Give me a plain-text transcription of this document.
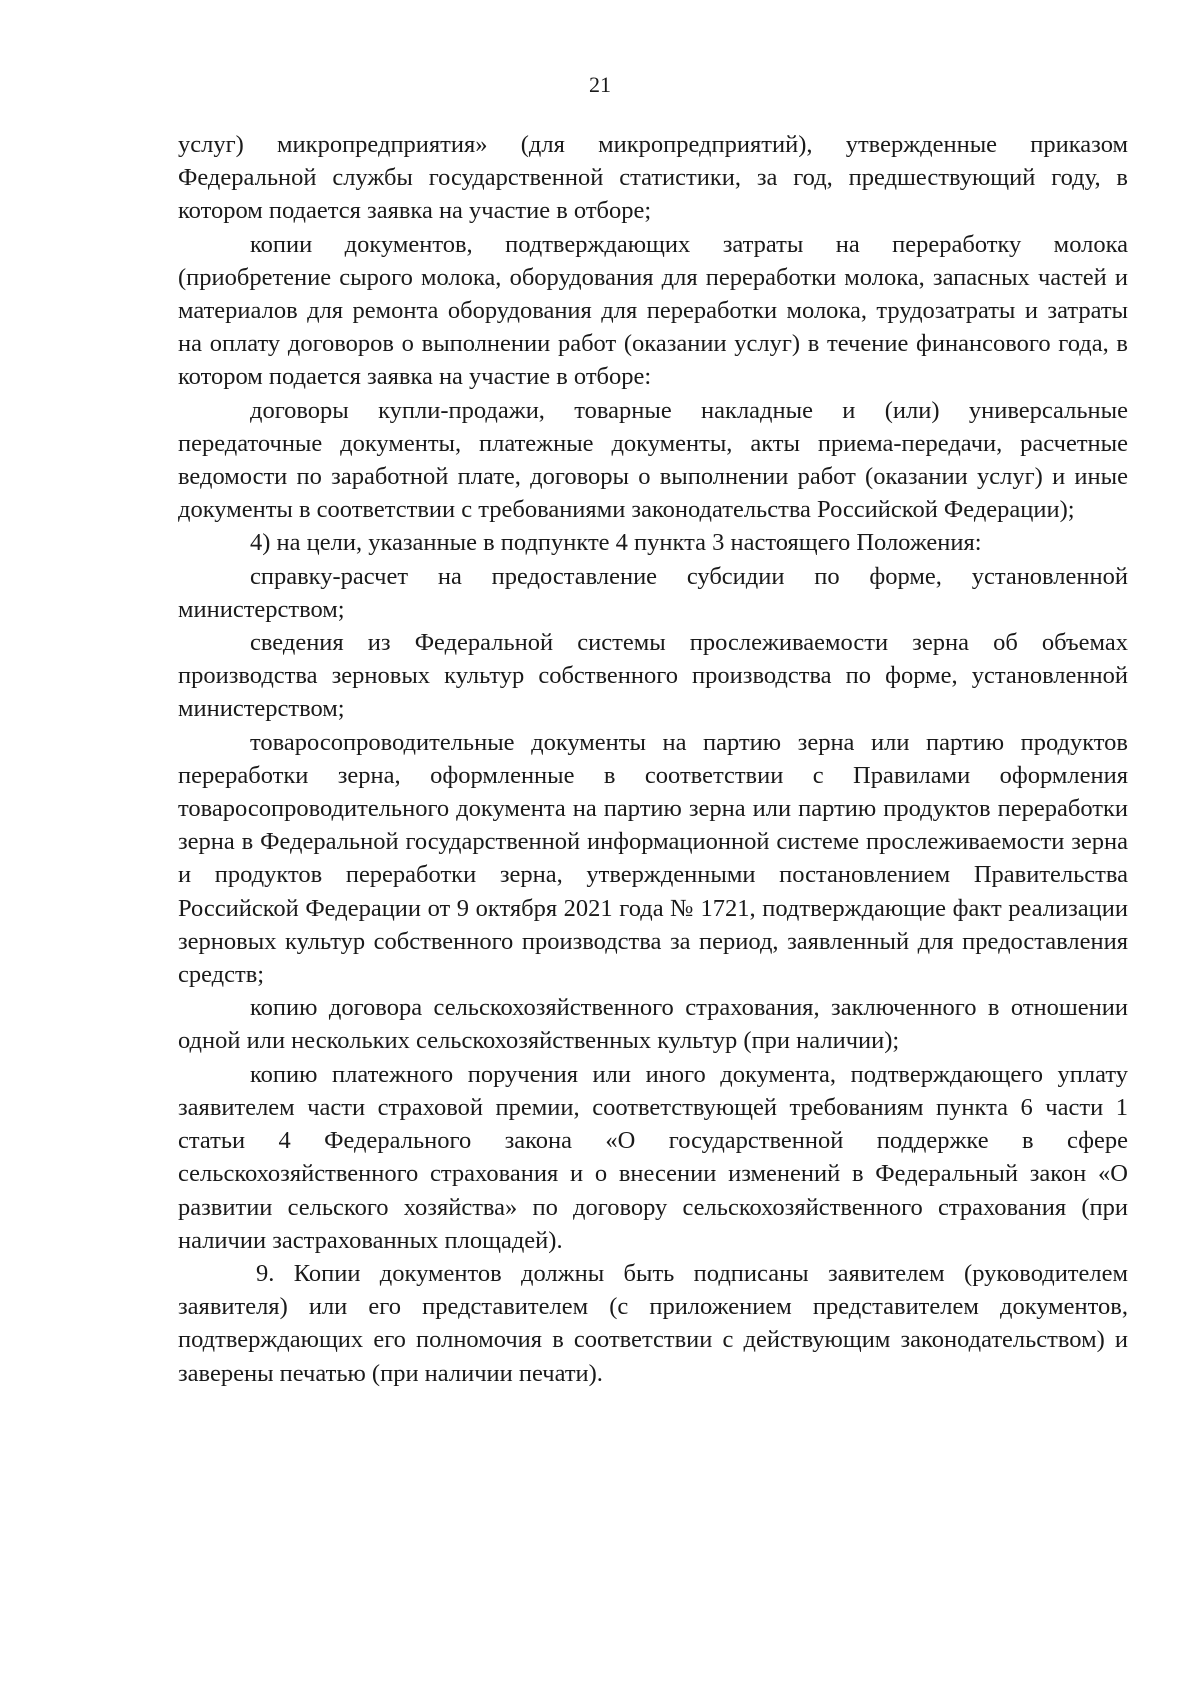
21

услуг) микропредприятия» (для микропредприятий), утвержденные приказом Федеральной службы государственной статистики, за год, предшествующий году, в котором подается заявка на участие в отборе;

копии документов, подтверждающих затраты на переработку молока (приобретение сырого молока, оборудования для переработки молока, запасных частей и материалов для ремонта оборудования для переработки молока, трудозатраты и затраты на оплату договоров о выполнении работ (оказании услуг) в течение финансового года, в котором подается заявка на участие в отборе:

договоры купли-продажи, товарные накладные и (или) универсальные передаточные документы, платежные документы, акты приема-передачи, расчетные ведомости по заработной плате, договоры о выполнении работ (оказании услуг) и иные документы в соответствии с требованиями законодательства Российской Федерации);

4) на цели, указанные в подпункте 4 пункта 3 настоящего Положения:

справку-расчет на предоставление субсидии по форме, установленной министерством;

сведения из Федеральной системы прослеживаемости зерна об объемах производства зерновых культур собственного производства по форме, установленной министерством;

товаросопроводительные документы на партию зерна или партию продуктов переработки зерна, оформленные в соответствии с Правилами оформления товаросопроводительного документа на партию зерна или партию продуктов переработки зерна в Федеральной государственной информационной системе прослеживаемости зерна и продуктов переработки зерна, утвержденными постановлением Правительства Российской Федерации от 9 октября 2021 года № 1721, подтверждающие факт реализации зерновых культур собственного производства за период, заявленный для предоставления средств;

копию договора сельскохозяйственного страхования, заключенного в отношении одной или нескольких сельскохозяйственных культур (при наличии);

копию платежного поручения или иного документа, подтверждающего уплату заявителем части страховой премии, соответствующей требованиям пункта 6 части 1 статьи 4 Федерального закона «О государственной поддержке в сфере сельскохозяйственного страхования и о внесении изменений в Федеральный закон «О развитии сельского хозяйства» по договору сельскохозяйственного страхования (при наличии застрахованных площадей).

9. Копии документов должны быть подписаны заявителем (руководителем заявителя) или его представителем (с приложением представителем документов, подтверждающих его полномочия в соответствии с действующим законодательством) и заверены печатью (при наличии печати).
